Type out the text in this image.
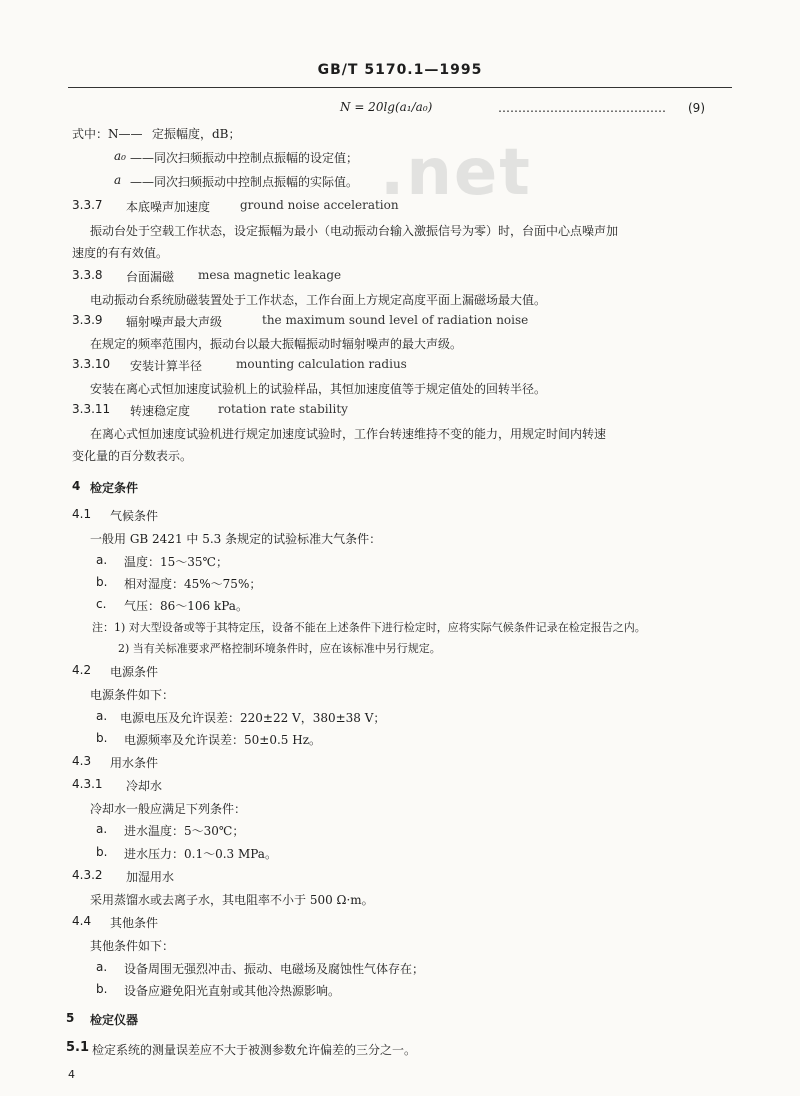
GB/T 5170.1—1995
.net
N = 20lg(a₁/a₀)	…………………………………… (9)
式中：N—— 定振幅度，dB；
a₀ ——同次扫频振动中控制点振幅的设定值；
a ——同次扫频振动中控制点振幅的实际值。
3.3.7 本底噪声加速度 ground noise acceleration
振动台处于空载工作状态，设定振幅为最小（电动振动台输入激振信号为零）时，台面中心点噪声加
速度的有有效值。
3.3.8 台面漏磁 mesa magnetic leakage
电动振动台系统励磁装置处于工作状态，工作台面上方规定高度平面上漏磁场最大值。
3.3.9 辐射噪声最大声级	the maximum sound level of radiation noise
在规定的频率范围内，振动台以最大振幅振动时辐射噪声的最大声级。
3.3.10 安装计算半径	mounting calculation radius
安装在离心式恒加速度试验机上的试验样品，其恒加速度值等于规定值处的回转半径。
3.3.11 转速稳定度 rotation rate stability
在离心式恒加速度试验机进行规定加速度试验时，工作台转速维持不变的能力，用规定时间内转速
变化量的百分数表示。
4 检定条件
4.1 气候条件
一般用 GB 2421 中 5.3 条规定的试验标准大气条件：
a. 温度：15～35℃；
b. 相对湿度：45%～75%；
c. 气压：86～106 kPa。
注：1) 对大型设备或等于其特定压，设备不能在上述条件下进行检定时，应将实际气候条件记录在检定报告之内。
2) 当有关标准要求严格控制环境条件时，应在该标准中另行规定。
4.2 电源条件
电源条件如下：
a. 电源电压及允许误差：220±22 V，380±38 V；
b. 电源频率及允许误差：50±0.5 Hz。
4.3 用水条件
4.3.1 冷却水
冷却水一般应满足下列条件：
a. 进水温度：5～30℃；
b. 进水压力：0.1～0.3 MPa。
4.3.2 加湿用水
采用蒸馏水或去离子水，其电阻率不小于 500 Ω·m。
4.4 其他条件
其他条件如下：
a. 设备周围无强烈冲击、振动、电磁场及腐蚀性气体存在；
b. 设备应避免阳光直射或其他冷热源影响。
5 检定仪器
5.1 检定系统的测量误差应不大于被测参数允许偏差的三分之一。
4
